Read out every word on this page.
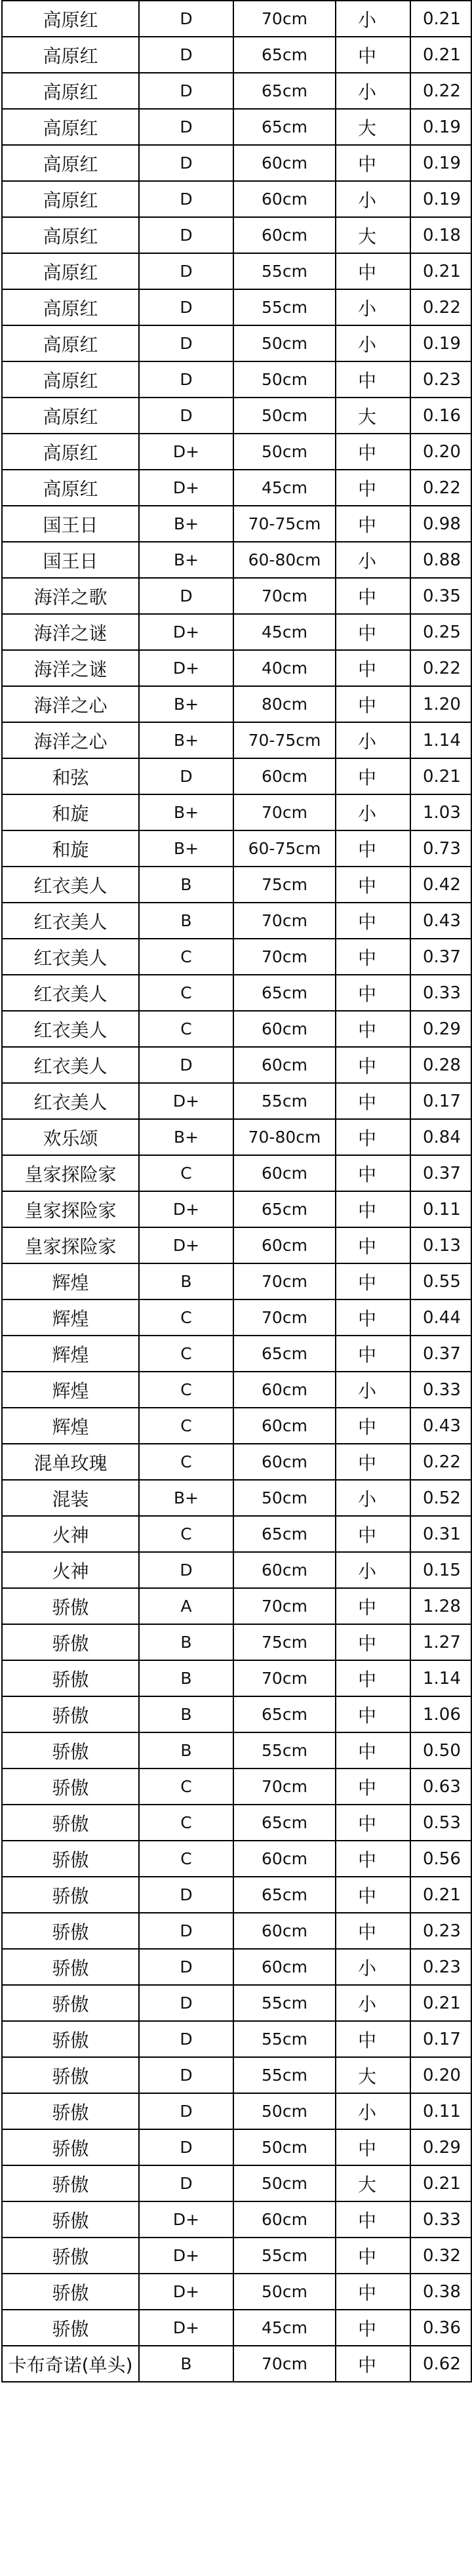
高原红	D	70cm	小	0.21
高原红	D	65cm	中	0.21
高原红	D	65cm	小	0.22
高原红	D	65cm	大	0.19
高原红	D	60cm	中	0.19
高原红	D	60cm	小	0.19
高原红	D	60cm	大	0.18
高原红	D	55cm	中	0.21
高原红	D	55cm	小	0.22
高原红	D	50cm	小	0.19
高原红	D	50cm	中	0.23
高原红	D	50cm	大	0.16
高原红	D+	50cm	中	0.20
高原红	D+	45cm	中	0.22
国王日	B+	70-75cm	中	0.98
国王日	B+	60-80cm	小	0.88
海洋之歌	D	70cm	中	0.35
海洋之谜	D+	45cm	中	0.25
海洋之谜	D+	40cm	中	0.22
海洋之心	B+	80cm	中	1.20
海洋之心	B+	70-75cm	小	1.14
和弦	D	60cm	中	0.21
和旋	B+	70cm	小	1.03
和旋	B+	60-75cm	中	0.73
红衣美人	B	75cm	中	0.42
红衣美人	B	70cm	中	0.43
红衣美人	C	70cm	中	0.37
红衣美人	C	65cm	中	0.33
红衣美人	C	60cm	中	0.29
红衣美人	D	60cm	中	0.28
红衣美人	D+	55cm	中	0.17
欢乐颂	B+	70-80cm	中	0.84
皇家探险家	C	60cm	中	0.37
皇家探险家	D+	65cm	中	0.11
皇家探险家	D+	60cm	中	0.13
辉煌	B	70cm	中	0.55
辉煌	C	70cm	中	0.44
辉煌	C	65cm	中	0.37
辉煌	C	60cm	小	0.33
辉煌	C	60cm	中	0.43
混单玫瑰	C	60cm	中	0.22
混装	B+	50cm	小	0.52
火神	C	65cm	中	0.31
火神	D	60cm	小	0.15
骄傲	A	70cm	中	1.28
骄傲	B	75cm	中	1.27
骄傲	B	70cm	中	1.14
骄傲	B	65cm	中	1.06
骄傲	B	55cm	中	0.50
骄傲	C	70cm	中	0.63
骄傲	C	65cm	中	0.53
骄傲	C	60cm	中	0.56
骄傲	D	65cm	中	0.21
骄傲	D	60cm	中	0.23
骄傲	D	60cm	小	0.23
骄傲	D	55cm	小	0.21
骄傲	D	55cm	中	0.17
骄傲	D	55cm	大	0.20
骄傲	D	50cm	小	0.11
骄傲	D	50cm	中	0.29
骄傲	D	50cm	大	0.21
骄傲	D+	60cm	中	0.33
骄傲	D+	55cm	中	0.32
骄傲	D+	50cm	中	0.38
骄傲	D+	45cm	中	0.36
卡布奇诺(单头)	B	70cm	中	0.62
